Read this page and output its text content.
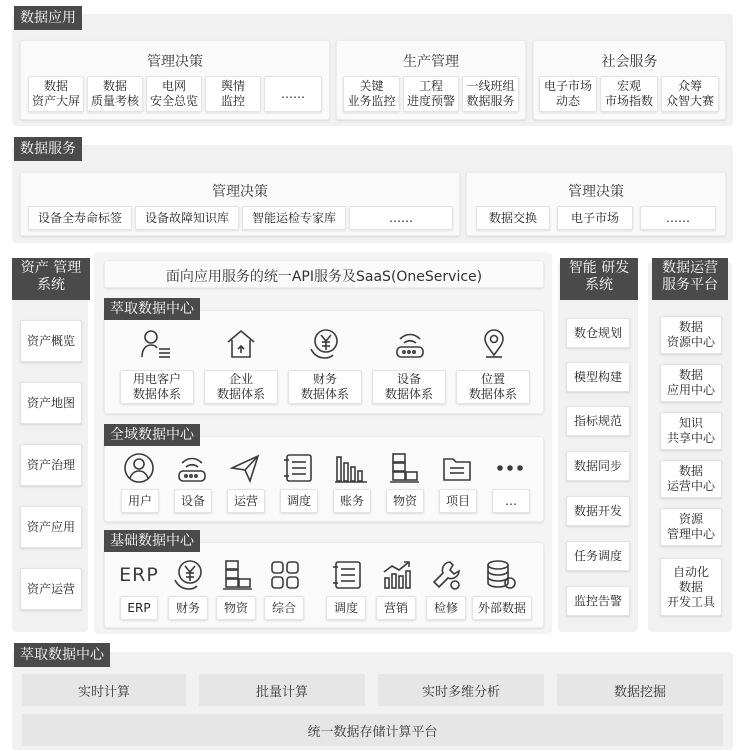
数据应用
管理决策
数据
资产大屏
数据
质量考核
电网
安全总览
舆情
监控
……
生产管理
关键
业务监控
工程
进度预警
一线班组
数据服务
社会服务
电子市场
动态
宏观
市场指数
众筹
众智大赛
数据服务
管理决策
设备全寿命标签	设备故障知识库	智能运检专家库	……
管理决策
数据交换	电子市场	……
资产 管理系统
资产概览
资产地图
资产治理
资产应用
资产运营
面向应用服务的统一API服务及SaaS(OneService)
萃取数据中心
用电客户
数据体系
企业
数据体系
财务
数据体系
设备
数据体系
位置
数据体系
全域数据中心
用户	设备	运营	调度	账务	物资	项目	…
基础数据中心
ERP
ERP	财务	物资	综合	调度	营销	检修	外部数据
智能 研发系统
数仓规划
模型构建
指标规范
数据同步
数据开发
任务调度
监控告警
数据运营 服务平台
数据
资源中心
数据
应用中心
知识
共享中心
数据
运营中心
资源
管理中心
自动化
数据
开发工具
萃取数据中心
实时计算	批量计算	实时多维分析	数据挖掘
统一数据存储计算平台
